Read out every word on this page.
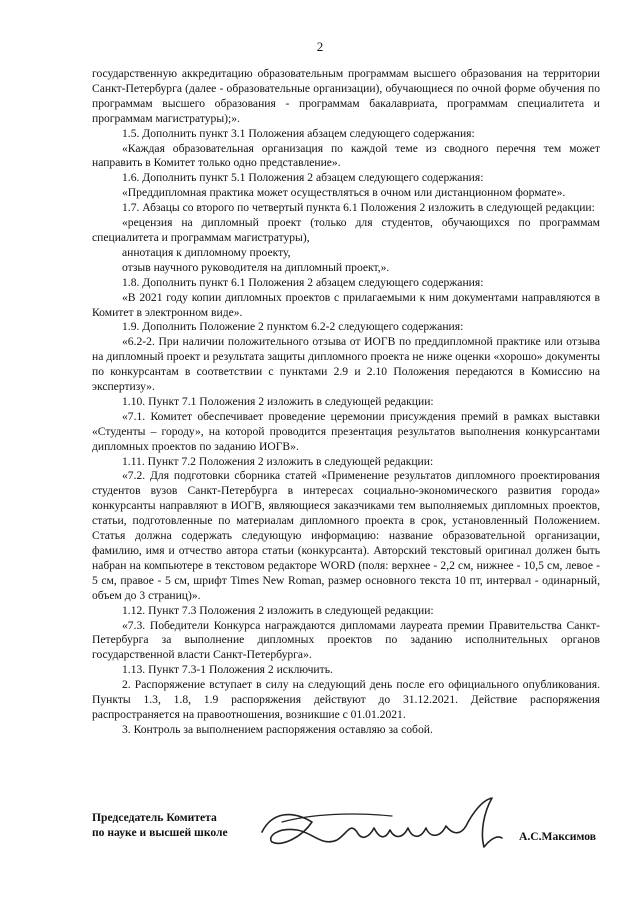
2

государственную аккредитацию образовательным программам высшего образования на территории Санкт-Петербурга (далее - образовательные организации), обучающиеся по очной форме обучения по программам высшего образования - программам бакалавриата, программам специалитета и программам магистратуры);».

1.5. Дополнить пункт 3.1 Положения абзацем следующего содержания:

«Каждая образовательная организация по каждой теме из сводного перечня тем может направить в Комитет только одно представление».

1.6. Дополнить пункт 5.1 Положения 2 абзацем следующего содержания:

«Преддипломная практика может осуществляться в очном или дистанционном формате».

1.7. Абзацы со второго по четвертый пункта 6.1 Положения 2 изложить в следующей редакции:

«рецензия на дипломный проект (только для студентов, обучающихся по программам специалитета и программам магистратуры),

аннотация к дипломному проекту,

отзыв научного руководителя на дипломный проект,».

1.8. Дополнить пункт 6.1 Положения 2 абзацем следующего содержания:

«В 2021 году копии дипломных проектов с прилагаемыми к ним документами направляются в Комитет в электронном виде».

1.9. Дополнить Положение 2 пунктом 6.2-2 следующего содержания:

«6.2-2. При наличии положительного отзыва от ИОГВ по преддипломной практике или отзыва на дипломный проект и результата защиты дипломного проекта не ниже оценки «хорошо» документы по конкурсантам в соответствии с пунктами 2.9 и 2.10 Положения передаются в Комиссию на экспертизу».

1.10. Пункт 7.1 Положения 2 изложить в следующей редакции:

«7.1. Комитет обеспечивает проведение церемонии присуждения премий в рамках выставки «Студенты – городу», на которой проводится презентация результатов выполнения конкурсантами дипломных проектов по заданию ИОГВ».

1.11. Пункт 7.2 Положения 2 изложить в следующей редакции:

«7.2. Для подготовки сборника статей «Применение результатов дипломного проектирования студентов вузов Санкт-Петербурга в интересах социально-экономического развития города» конкурсанты направляют в ИОГВ, являющиеся заказчиками тем выполняемых дипломных проектов, статьи, подготовленные по материалам дипломного проекта в срок, установленный Положением. Статья должна содержать следующую информацию: название образовательной организации, фамилию, имя и отчество автора статьи (конкурсанта). Авторский текстовый оригинал должен быть набран на компьютере в текстовом редакторе WORD (поля: верхнее - 2,2 см, нижнее - 10,5 см, левое - 5 см, правое - 5 см, шрифт Times New Roman, размер основного текста 10 пт, интервал - одинарный, объем до 3 страниц)».

1.12. Пункт 7.3 Положения 2 изложить в следующей редакции:

«7.3. Победители Конкурса награждаются дипломами лауреата премии Правительства Санкт-Петербурга за выполнение дипломных проектов по заданию исполнительных органов государственной власти Санкт-Петербурга».

1.13. Пункт 7.3-1 Положения 2 исключить.

2. Распоряжение вступает в силу на следующий день после его официального опубликования. Пункты 1.3, 1.8, 1.9 распоряжения действуют до 31.12.2021. Действие распоряжения распространяется на правоотношения, возникшие с 01.01.2021.

3. Контроль за выполнением распоряжения оставляю за собой.

Председатель Комитета
по науке и высшей школе	А.С.Максимов
